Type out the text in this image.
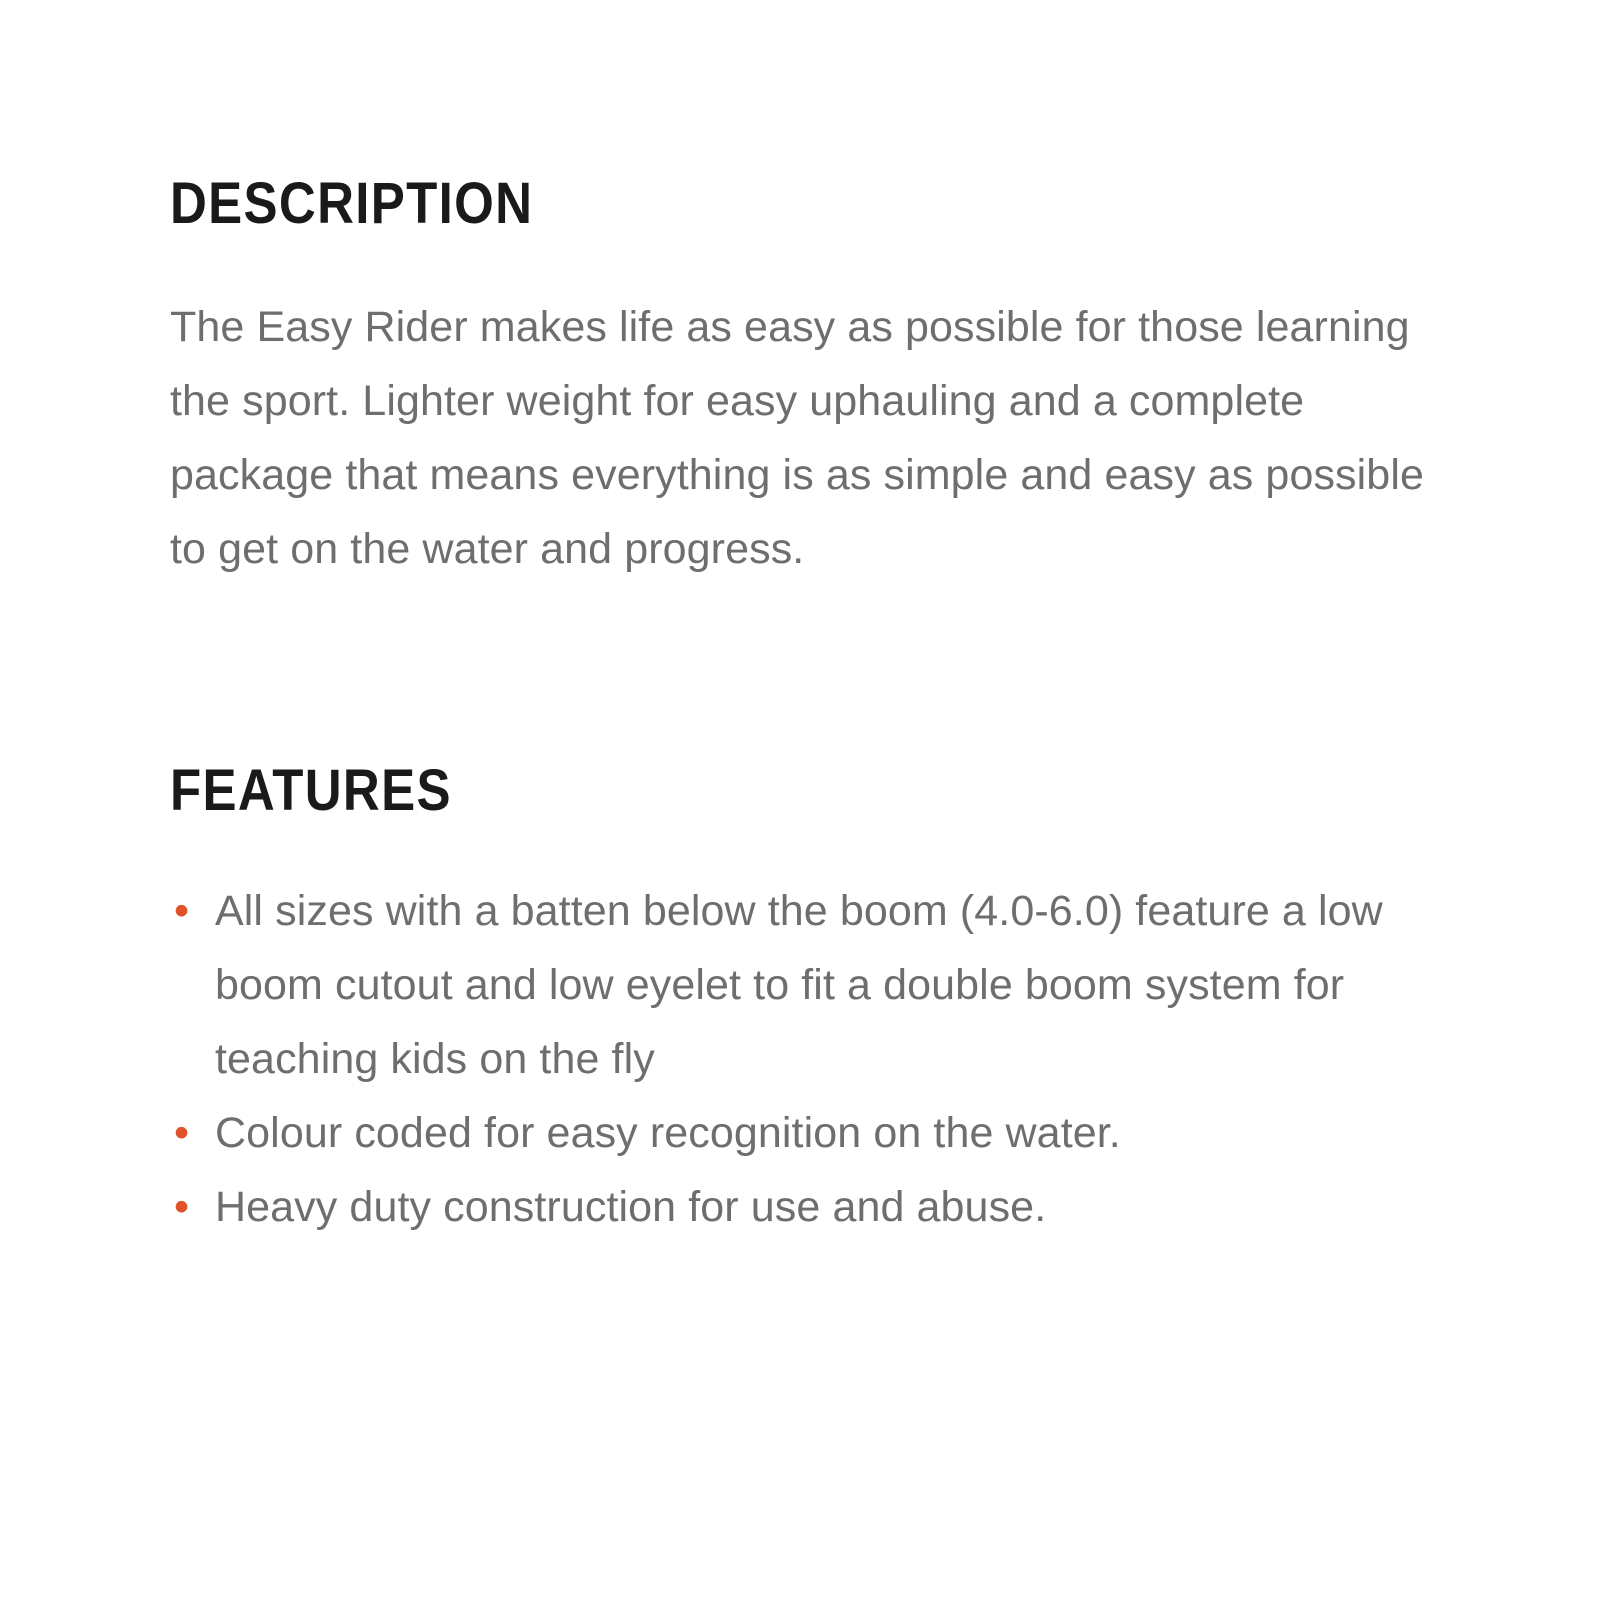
DESCRIPTION

The Easy Rider makes life as easy as possible for those learning the sport. Lighter weight for easy uphauling and a complete package that means everything is as simple and easy as possible to get on the water and progress.

FEATURES
• All sizes with a batten below the boom (4.0-6.0) feature a low boom cutout and low eyelet to fit a double boom system for teaching kids on the fly
• Colour coded for easy recognition on the water.
• Heavy duty construction for use and abuse.
